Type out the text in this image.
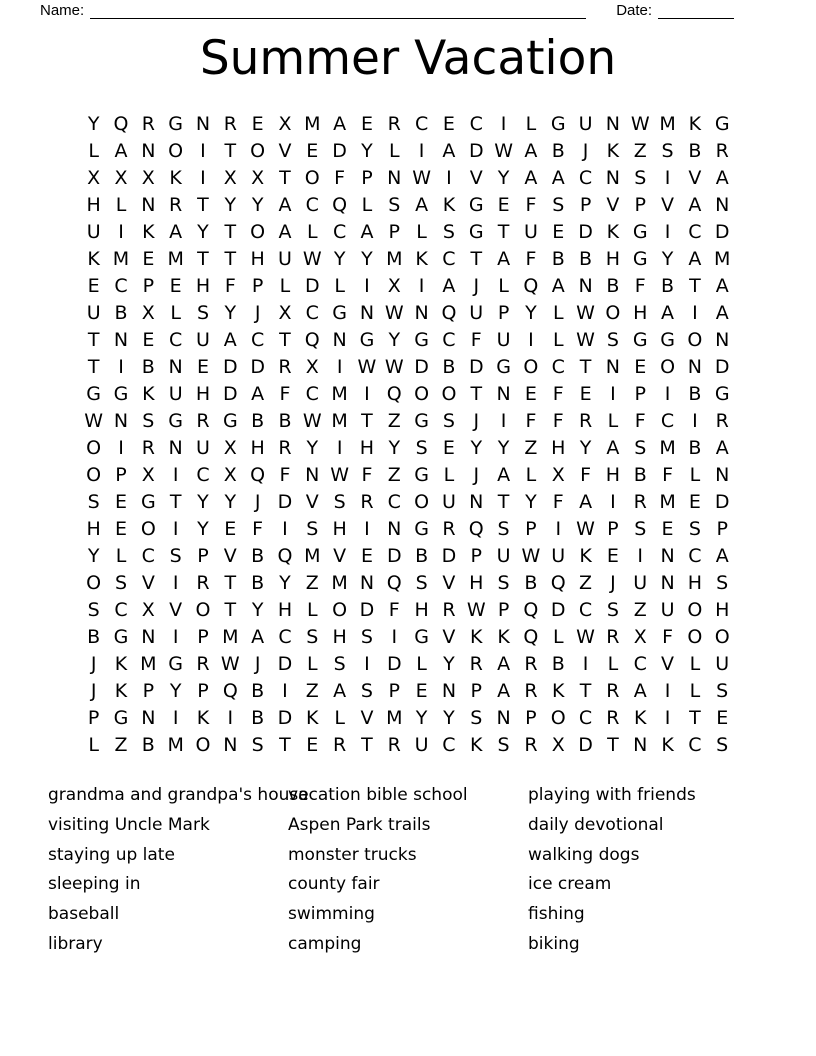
Name:	Date:
Summer Vacation
Y Q R G N R E X M A E R C E C I	L G U N W M K G
L A N O I T O V E D Y L	I A D W A B J K Z S B R
X X X K I X X T O F P N W I V Y A A C N S I V A
H L N R T Y Y A C Q L S A K G E F S P V P V A N
U I K A Y T O A L C A P L S G T U E D K G I C D
K M E M T T H U W Y Y M K C T A F B B H G Y A M
E C P E H F P L D L	I X I A J	L Q A N B F B T A
U B X L S Y J X C G N W N Q U P Y L W O H A I A
T N E C U A C T Q N G Y G C F U I	L W S G G O N
T I B N E D D R X I W W D B D G O C T N E O N D
G G K U H D A F C M I Q O O T N E F E I P I B G
W N S G R G B B W M T Z G S J	I	F F R L F C I R
O I R N U X H R Y I H Y S E Y Y Z H Y A S M B A
O P X I C X Q F N W F Z G L	J A L X F H B F L N
S E G T Y Y J D V S R C O U N T Y F A I R M E D
H E O I Y E F	I S H I N G R Q S P I W P S E S P
Y L C S P V B Q M V E D B D P U W U K E I N C A
O S V I R T B Y Z M N Q S V H S B Q Z J U N H S
S C X V O T Y H L O D F H R W P Q D C S Z U O H
B G N I P M A C S H S I G V K K Q L W R X F O O
J K M G R W J D L S I D L Y R A R B I	L C V L U
J K P Y P Q B I Z A S P E N P A R K T R A I	L S
P G N I K I B D K L V M Y Y S N P O C R K I T E
L Z B M O N S T E R T R U C K S R X D T N K C S
grandma and grandpa's house
visiting Uncle Mark
staying up late
sleeping in
baseball
library
vacation bible school
Aspen Park trails
monster trucks
county fair
swimming
camping
playing with friends
daily devotional
walking dogs
ice cream
fishing
biking
